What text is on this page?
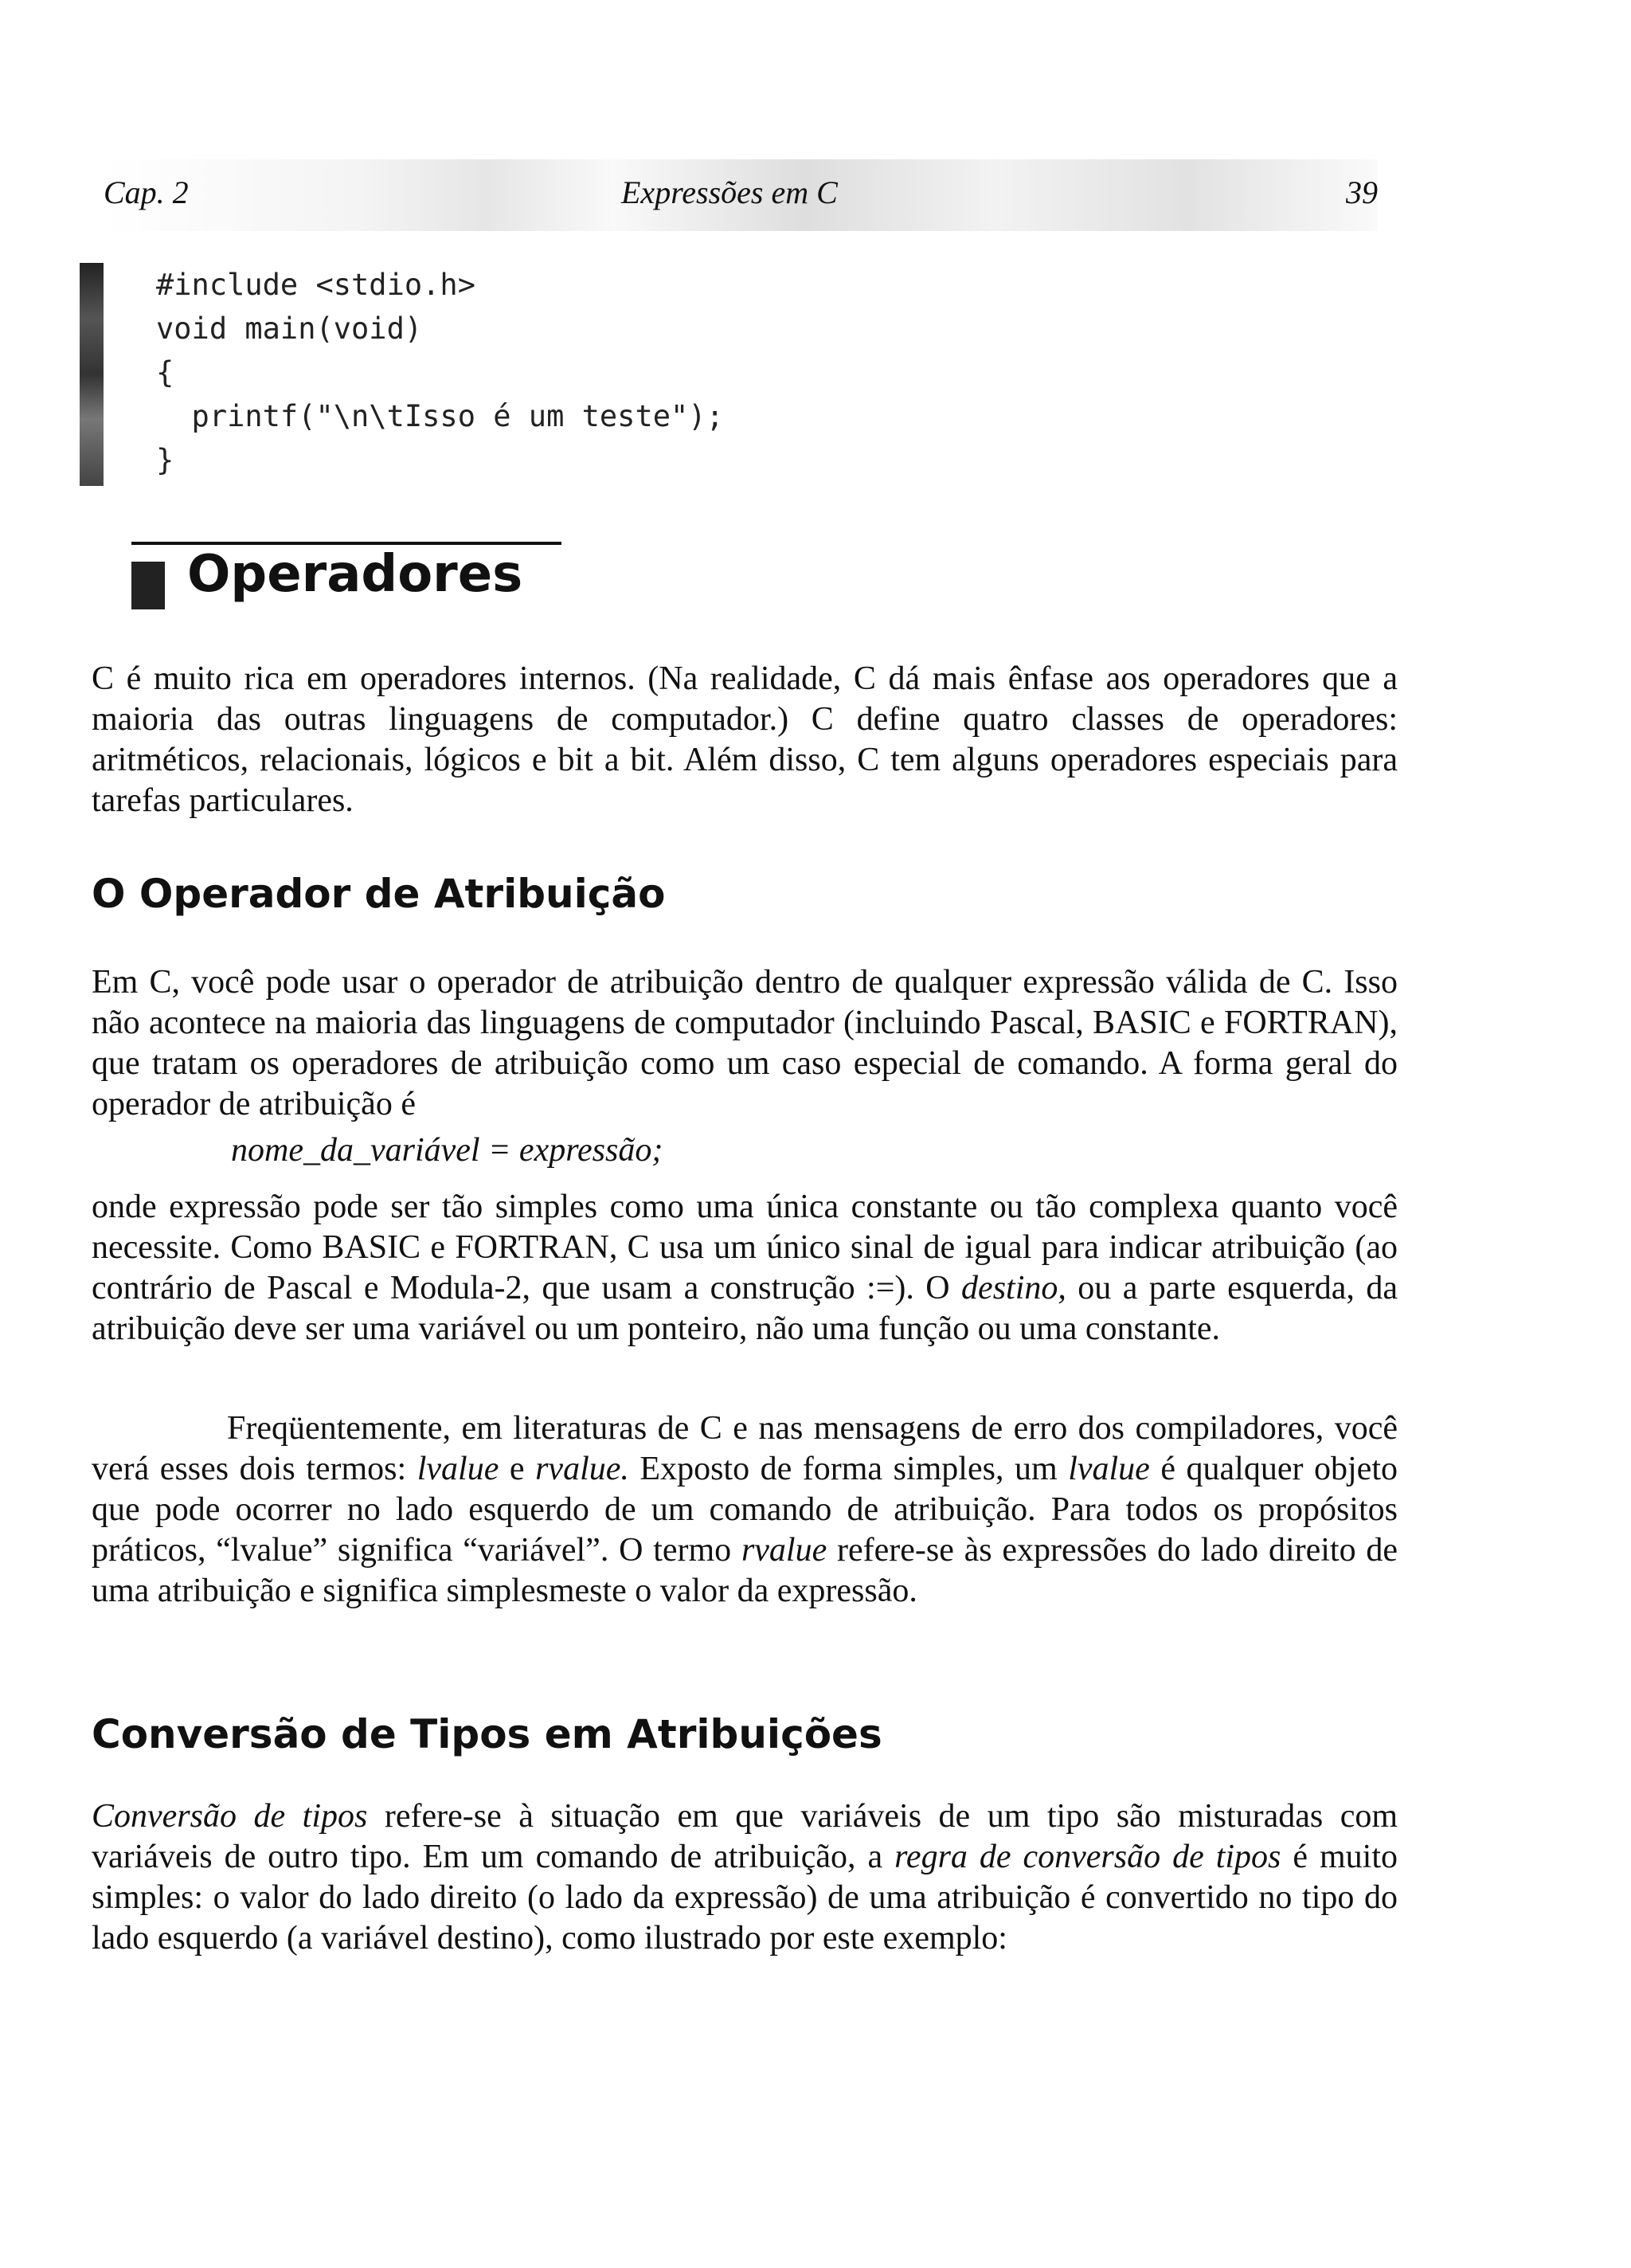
Cap. 2	Expressões em C	39
#include <stdio.h>
void main(void)
{
printf("\n\tIsso é um teste");
}
Operadores

C é muito rica em operadores internos. (Na realidade, C dá mais ênfase aos operadores que a maioria das outras linguagens de computador.) C define quatro classes de operadores: aritméticos, relacionais, lógicos e bit a bit. Além disso, C tem alguns operadores especiais para tarefas particulares.

O Operador de Atribuição

Em C, você pode usar o operador de atribuição dentro de qualquer expressão válida de C. Isso não acontece na maioria das linguagens de computador (incluindo Pascal, BASIC e FORTRAN), que tratam os operadores de atribuição como um caso especial de comando. A forma geral do operador de atribuição é

nome_da_variável = expressão;

onde expressão pode ser tão simples como uma única constante ou tão complexa quanto você necessite. Como BASIC e FORTRAN, C usa um único sinal de igual para indicar atribuição (ao contrário de Pascal e Modula-2, que usam a construção :=). O destino, ou a parte esquerda, da atribuição deve ser uma variável ou um ponteiro, não uma função ou uma constante.

Freqüentemente, em literaturas de C e nas mensagens de erro dos compiladores, você verá esses dois termos: lvalue e rvalue. Exposto de forma simples, um lvalue é qualquer objeto que pode ocorrer no lado esquerdo de um comando de atribuição. Para todos os propósitos práticos, “lvalue” significa “variável”. O termo rvalue refere-se às expressões do lado direito de uma atribuição e significa simplesmeste o valor da expressão.

Conversão de Tipos em Atribuições

Conversão de tipos refere-se à situação em que variáveis de um tipo são misturadas com variáveis de outro tipo. Em um comando de atribuição, a regra de conversão de tipos é muito simples: o valor do lado direito (o lado da expressão) de uma atribuição é convertido no tipo do lado esquerdo (a variável destino), como ilustrado por este exemplo:
